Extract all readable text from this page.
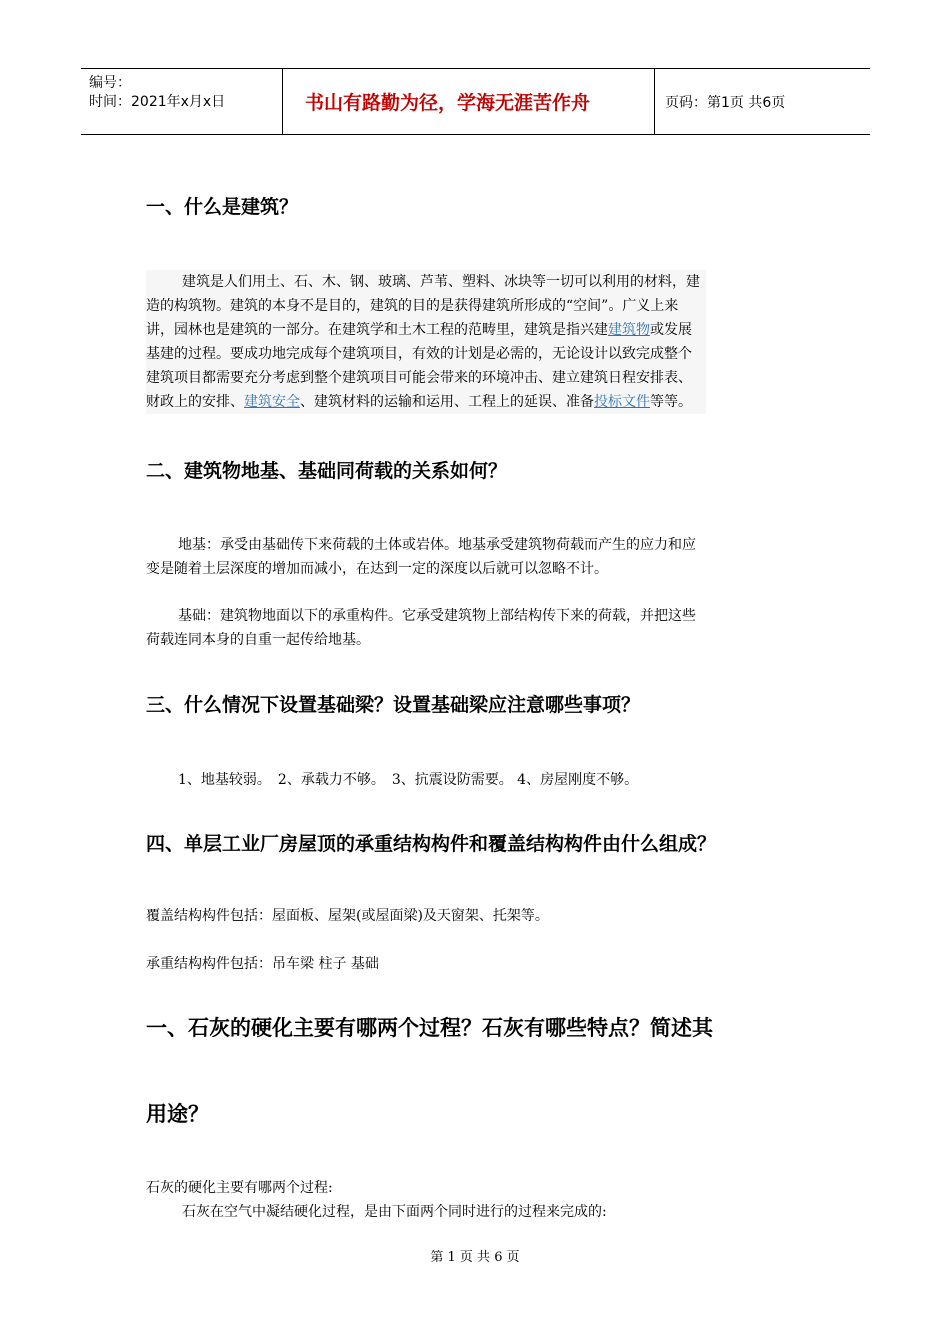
编号：
时间：2021年x月x日	书山有路勤为径，学海无涯苦作舟	页码：第1页 共6页
一、什么是建筑？
建筑是人们用土、石、木、钢、玻璃、芦苇、塑料、冰块等一切可以利用的材料，建
造的构筑物。建筑的本身不是目的，建筑的目的是获得建筑所形成的“空间”。广义上来
讲，园林也是建筑的一部分。在建筑学和土木工程的范畴里，建筑是指兴建建筑物或发展
基建的过程。要成功地完成每个建筑项目，有效的计划是必需的，无论设计以致完成整个
建筑项目都需要充分考虑到整个建筑项目可能会带来的环境冲击、建立建筑日程安排表、
财政上的安排、建筑安全、建筑材料的运输和运用、工程上的延误、准备投标文件等等。
二、建筑物地基、基础同荷载的关系如何？
地基：承受由基础传下来荷载的土体或岩体。地基承受建筑物荷载而产生的应力和应
变是随着土层深度的增加而减小，在达到一定的深度以后就可以忽略不计。
基础：建筑物地面以下的承重构件。它承受建筑物上部结构传下来的荷载，并把这些
荷载连同本身的自重一起传给地基。
三、什么情况下设置基础梁？设置基础梁应注意哪些事项？
1、地基较弱。　2、承载力不够。　3、抗震设防需要。 4、房屋刚度不够。
四、单层工业厂房屋顶的承重结构构件和覆盖结构构件由什么组成？
覆盖结构构件包括：屋面板、屋架(或屋面梁)及天窗架、托架等。
承重结构构件包括：吊车梁 柱子 基础
一、石灰的硬化主要有哪两个过程？石灰有哪些特点？简述其
用途？
石灰的硬化主要有哪两个过程:
石灰在空气中凝结硬化过程，是由下面两个同时进行的过程来完成的:
第 1 页 共 6 页
